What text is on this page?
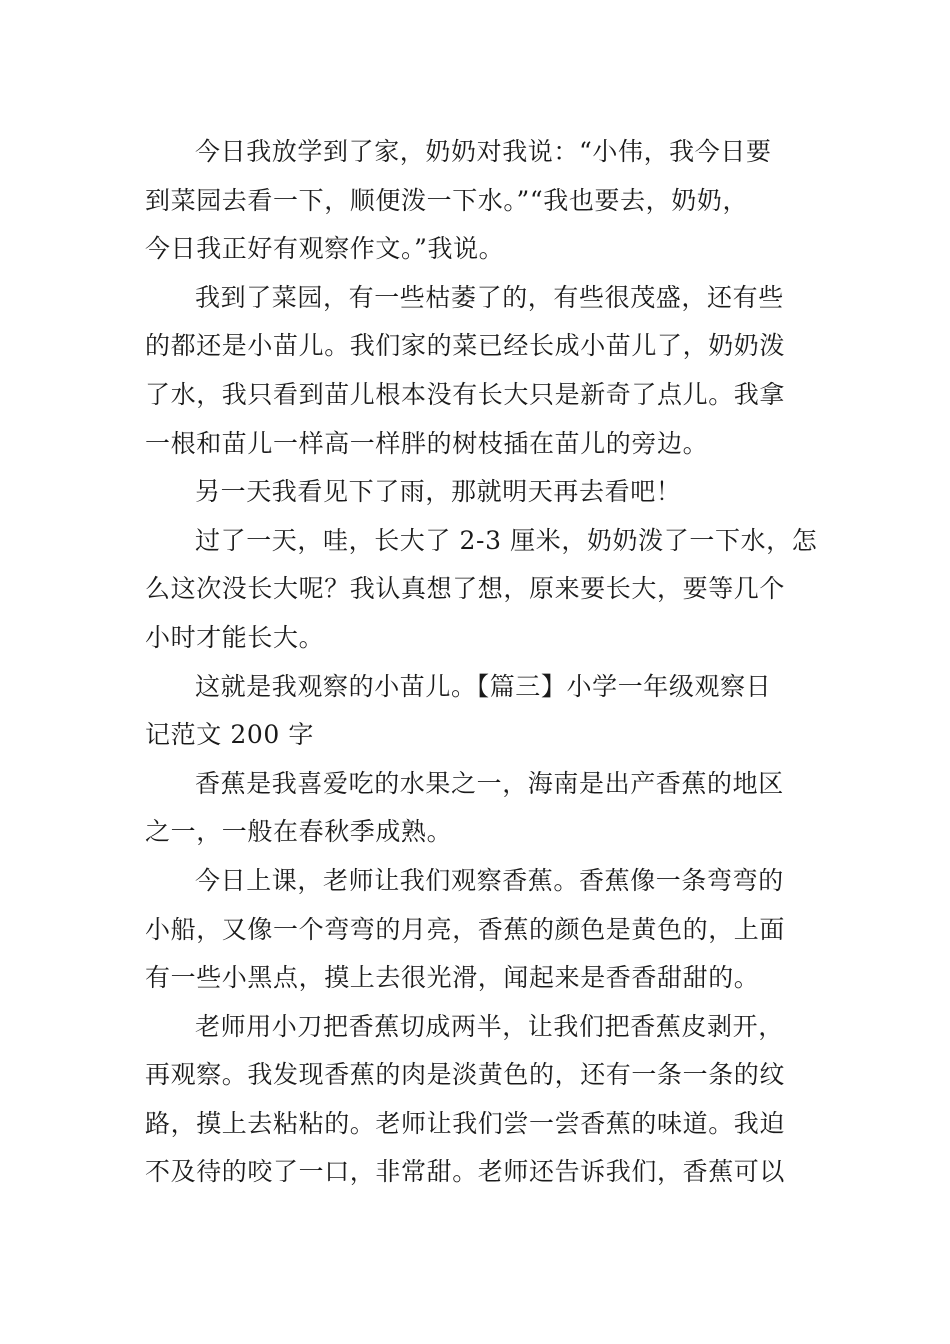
今日我放学到了家，奶奶对我说：“小伟，我今日要
到菜园去看一下，顺便泼一下水。”“我也要去，奶奶，
今日我正好有观察作文。”我说。

我到了菜园，有一些枯萎了的，有些很茂盛，还有些
的都还是小苗儿。我们家的菜已经长成小苗儿了，奶奶泼
了水，我只看到苗儿根本没有长大只是新奇了点儿。我拿
一根和苗儿一样高一样胖的树枝插在苗儿的旁边。

另一天我看见下了雨，那就明天再去看吧！

过了一天，哇，长大了 2-3 厘米，奶奶泼了一下水，怎
么这次没长大呢？我认真想了想，原来要长大，要等几个
小时才能长大。

这就是我观察的小苗儿。【篇三】小学一年级观察日
记范文 200 字

香蕉是我喜爱吃的水果之一，海南是出产香蕉的地区
之一，一般在春秋季成熟。

今日上课，老师让我们观察香蕉。香蕉像一条弯弯的
小船，又像一个弯弯的月亮，香蕉的颜色是黄色的，上面
有一些小黑点，摸上去很光滑，闻起来是香香甜甜的。

老师用小刀把香蕉切成两半，让我们把香蕉皮剥开，
再观察。我发现香蕉的肉是淡黄色的，还有一条一条的纹
路，摸上去粘粘的。老师让我们尝一尝香蕉的味道。我迫
不及待的咬了一口，非常甜。老师还告诉我们，香蕉可以
